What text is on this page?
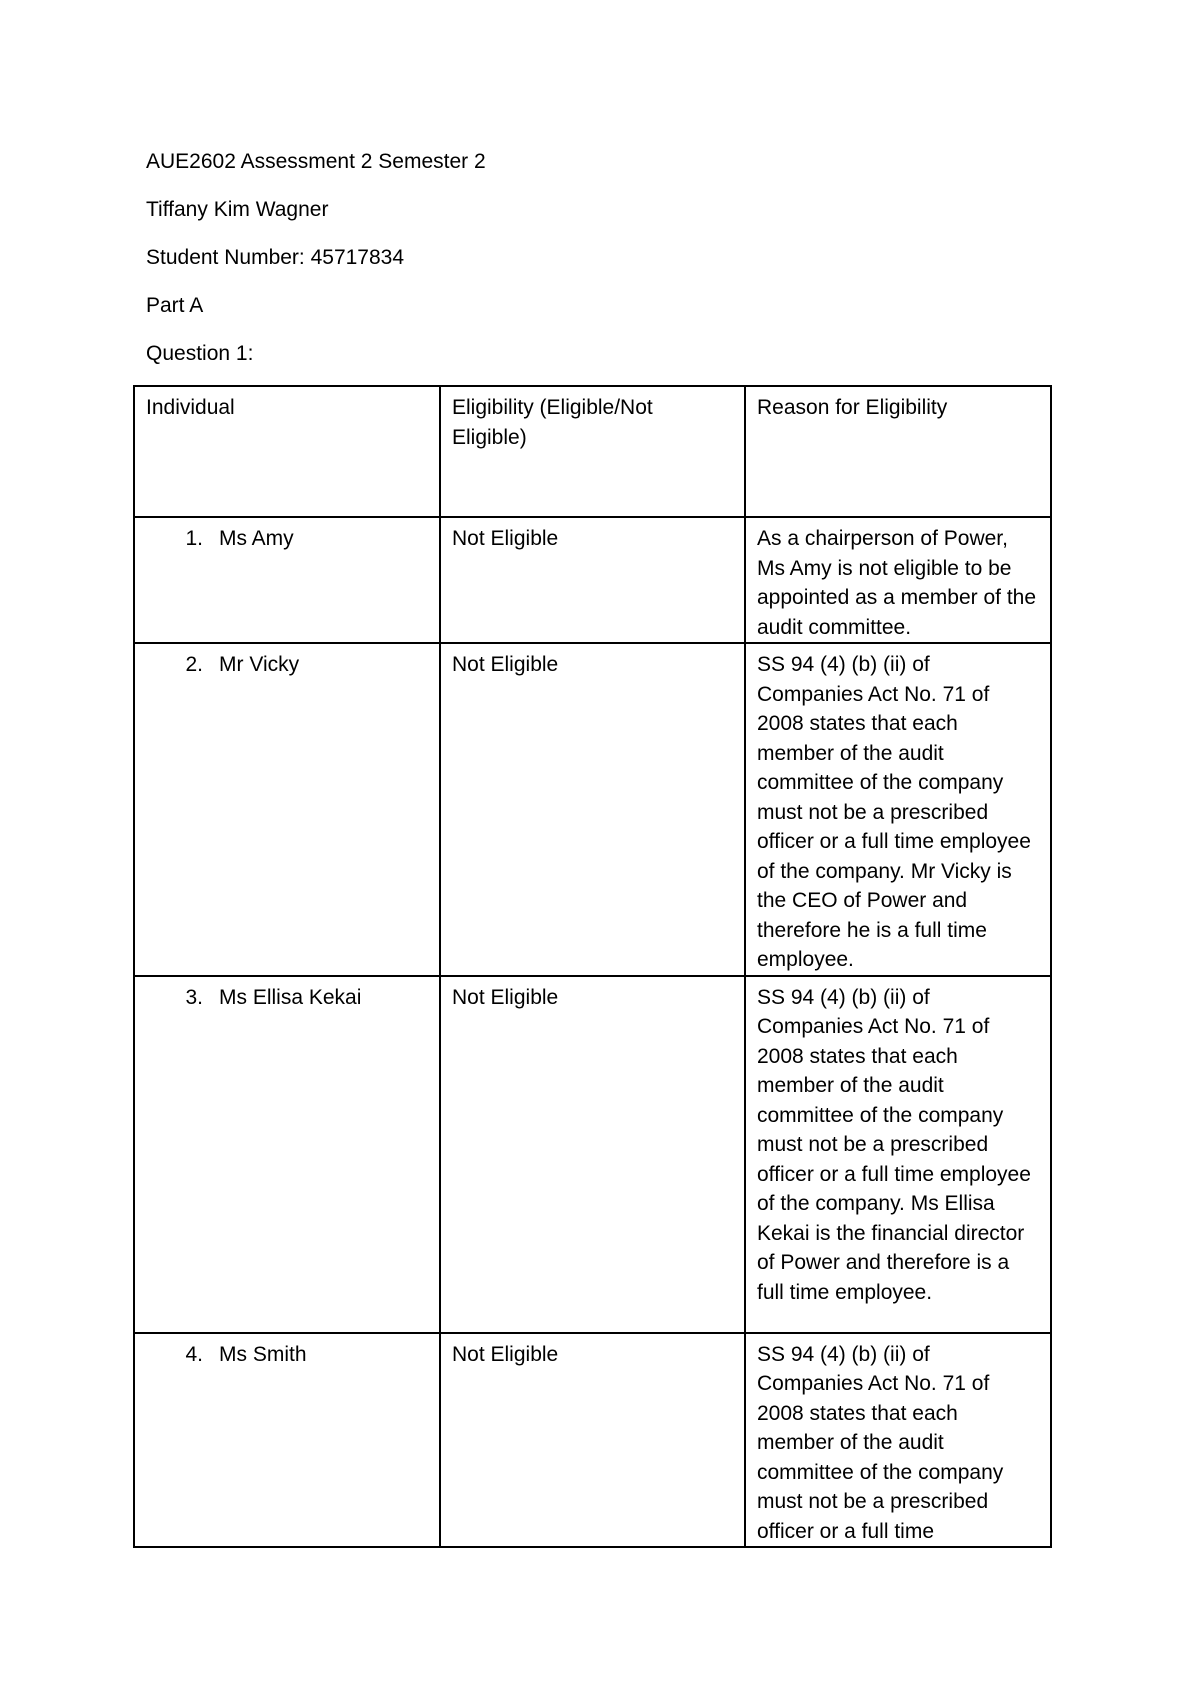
AUE2602 Assessment 2 Semester 2
Tiffany Kim Wagner
Student Number: 45717834
Part A
Question 1:
Individual	Eligibility (Eligible/Not Eligible)	Reason for Eligibility
1. Ms Amy	Not Eligible	As a chairperson of Power, Ms Amy is not eligible to be appointed as a member of the audit committee.
2. Mr Vicky	Not Eligible	SS 94 (4) (b) (ii) of Companies Act No. 71 of 2008 states that each member of the audit committee of the company must not be a prescribed officer or a full time employee of the company. Mr Vicky is the CEO of Power and therefore he is a full time employee.
3. Ms Ellisa Kekai	Not Eligible	SS 94 (4) (b) (ii) of Companies Act No. 71 of 2008 states that each member of the audit committee of the company must not be a prescribed officer or a full time employee of the company. Ms Ellisa Kekai is the financial director of Power and therefore is a full time employee.
4. Ms Smith	Not Eligible	SS 94 (4) (b) (ii) of Companies Act No. 71 of 2008 states that each member of the audit committee of the company must not be a prescribed officer or a full time
